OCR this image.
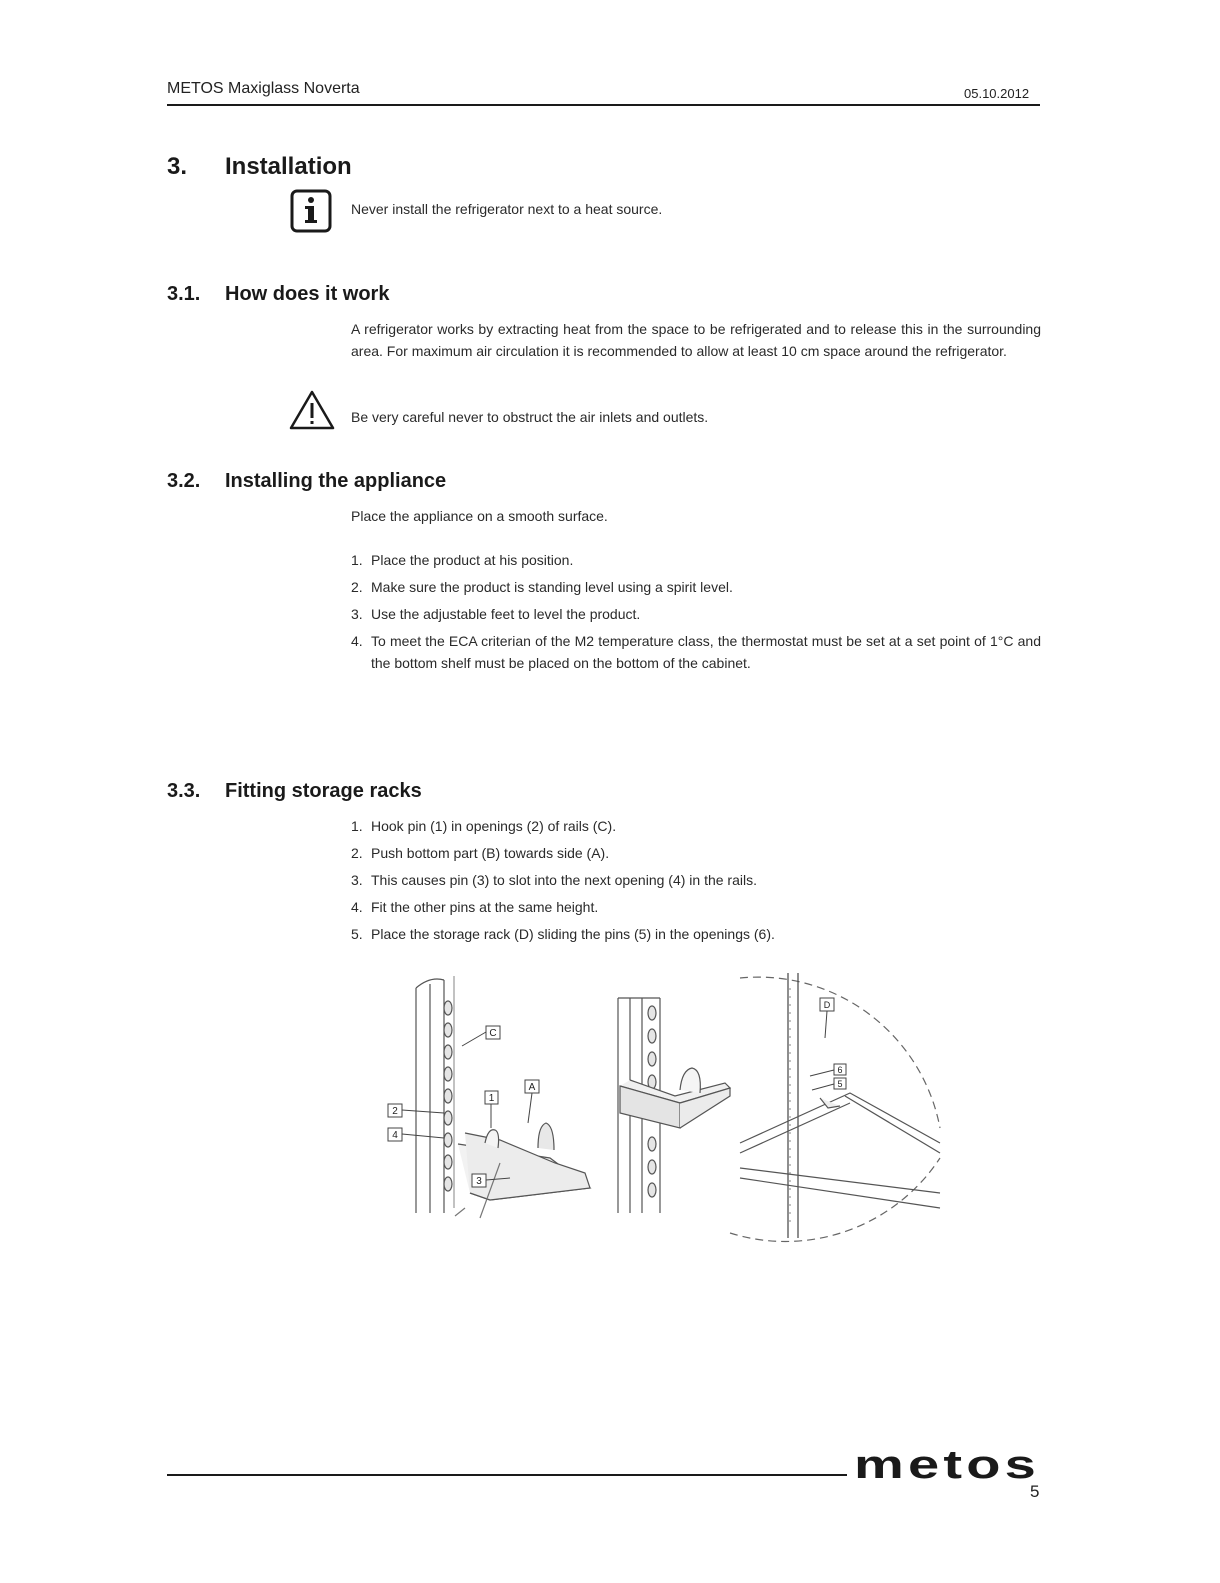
METOS Maxiglass Noverta	05.10.2012
3. Installation
Never install the refrigerator next to a heat source.
3.1. How does it work
A refrigerator works by extracting heat from the space to be refrigerated and to release this in the surrounding area. For maximum air circulation it is recommended to allow at least 10 cm space around the refrigerator.
Be very careful never to obstruct the air inlets and outlets.
3.2. Installing the appliance
Place the appliance on a smooth surface.
1. Place the product at his position.
2. Make sure the product is standing level using a spirit level.
3. Use the adjustable feet to level the product.
4. To meet the ECA criterian of the M2 temperature class, the thermostat must be set at a set point of 1°C and the bottom shelf must be placed on the bottom of the cabinet.
3.3. Fitting storage racks
1. Hook pin (1) in openings (2) of rails (C).
2. Push bottom part (B) towards side (A).
3. This causes pin (3) to slot into the next opening (4) in the rails.
4. Fit the other pins at the same height.
5. Place the storage rack (D) sliding the pins (5) in the openings (6).
C
A
1
2
4
3
D
6
5
metos
5
